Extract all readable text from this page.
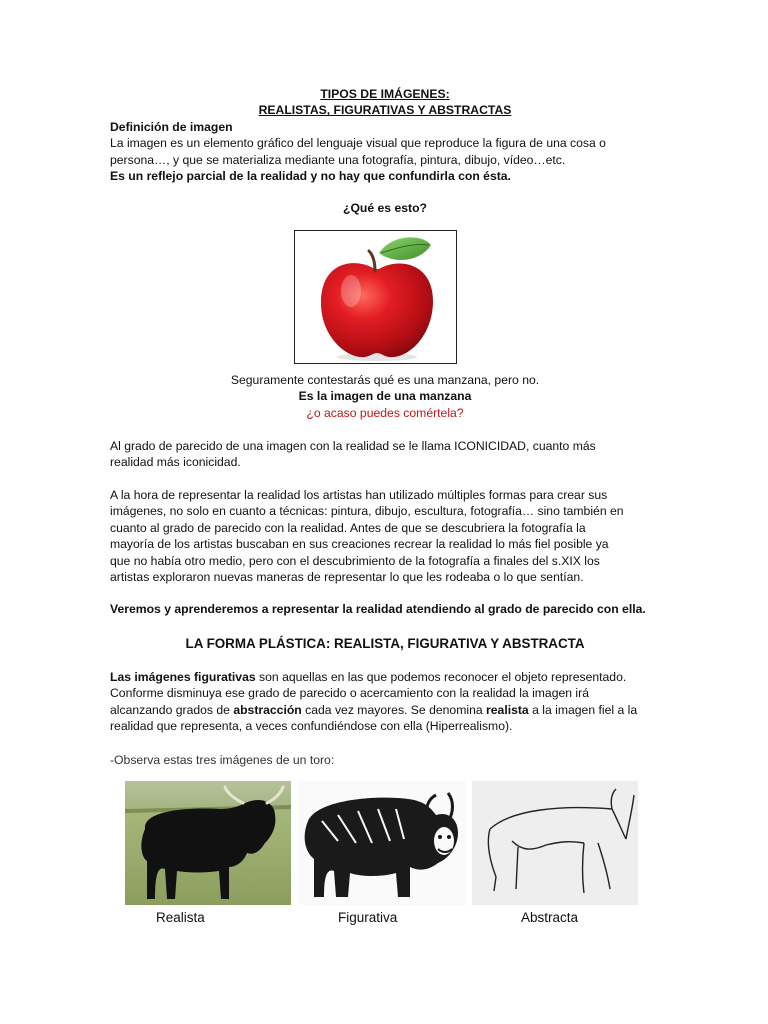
TIPOS DE IMÁGENES:

REALISTAS, FIGURATIVAS Y ABSTRACTAS

Definición de imagen

La imagen es un elemento gráfico del lenguaje visual que reproduce la figura de una cosa o

persona…, y que se materializa mediante una fotografía, pintura, dibujo, vídeo…etc.

Es un reflejo parcial de la realidad y no hay que confundirla con ésta.

¿Qué es esto?

Seguramente contestarás qué es una manzana, pero no.

Es la imagen de una manzana

¿o acaso puedes comértela?

Al grado de parecido de una imagen con la realidad se le llama ICONICIDAD, cuanto más

realidad más iconicidad.

A la hora de representar la realidad los artistas han utilizado múltiples formas para crear sus

imágenes, no solo en cuanto a técnicas: pintura, dibujo, escultura, fotografía… sino también en

cuanto al grado de parecido con la realidad. Antes de que se descubriera la fotografía la

mayoría de los artistas buscaban en sus creaciones recrear la realidad lo más fiel posible ya

que no había otro medio, pero con el descubrimiento de la fotografía a finales del s.XIX los

artistas exploraron nuevas maneras de representar lo que les rodeaba o lo que sentían.

Veremos y aprenderemos a representar la realidad atendiendo al grado de parecido con ella.

LA FORMA PLÁSTICA: REALISTA, FIGURATIVA Y ABSTRACTA

Las imágenes figurativas son aquellas en las que podemos reconocer el objeto representado.

Conforme disminuya ese grado de parecido o acercamiento con la realidad la imagen irá

alcanzando grados de abstracción cada vez mayores. Se denomina realista a la imagen fiel a la

realidad que representa, a veces confundiéndose con ella (Hiperrealismo).

-Observa estas tres imágenes de un toro:

Realista	Figurativa	Abstracta
